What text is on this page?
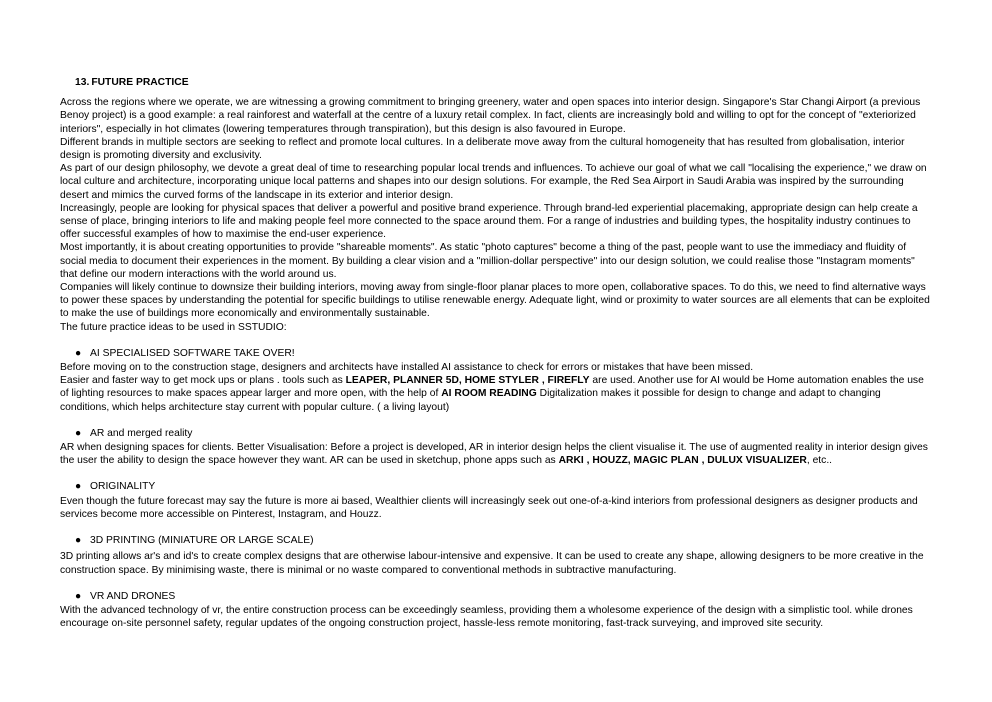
13. FUTURE PRACTICE

Across the regions where we operate, we are witnessing a growing commitment to bringing greenery, water and open spaces into interior design. Singapore's Star Changi Airport (a previous Benoy project) is a good example: a real rainforest and waterfall at the centre of a luxury retail complex. In fact, clients are increasingly bold and willing to opt for the concept of "exteriorized interiors", especially in hot climates (lowering temperatures through transpiration), but this design is also favoured in Europe.

Different brands in multiple sectors are seeking to reflect and promote local cultures. In a deliberate move away from the cultural homogeneity that has resulted from globalisation, interior design is promoting diversity and exclusivity.

As part of our design philosophy, we devote a great deal of time to researching popular local trends and influences. To achieve our goal of what we call "localising the experience," we draw on local culture and architecture, incorporating unique local patterns and shapes into our design solutions. For example, the Red Sea Airport in Saudi Arabia was inspired by the surrounding desert and mimics the curved forms of the landscape in its exterior and interior design.

Increasingly, people are looking for physical spaces that deliver a powerful and positive brand experience. Through brand-led experiential placemaking, appropriate design can help create a sense of place, bringing interiors to life and making people feel more connected to the space around them. For a range of industries and building types, the hospitality industry continues to offer successful examples of how to maximise the end-user experience.

Most importantly, it is about creating opportunities to provide "shareable moments". As static "photo captures" become a thing of the past, people want to use the immediacy and fluidity of social media to document their experiences in the moment. By building a clear vision and a "million-dollar perspective" into our design solution, we could realise those "Instagram moments" that define our modern interactions with the world around us.

Companies will likely continue to downsize their building interiors, moving away from single-floor planar places to more open, collaborative spaces. To do this, we need to find alternative ways to power these spaces by understanding the potential for specific buildings to utilise renewable energy. Adequate light, wind or proximity to water sources are all elements that can be exploited to make the use of buildings more economically and environmentally sustainable.

The future practice ideas to be used in SSTUDIO:

● AI SPECIALISED SOFTWARE TAKE OVER!

Before moving on to the construction stage, designers and architects have installed AI assistance to check for errors or mistakes that have been missed.

Easier and faster way to get mock ups or plans . tools such as LEAPER, PLANNER 5D, HOME STYLER , FIREFLY are used. Another use for AI would be Home automation enables the use of lighting resources to make spaces appear larger and more open, with the help of AI ROOM READING Digitalization makes it possible for design to change and adapt to changing conditions, which helps architecture stay current with popular culture. ( a living layout)

● AR and merged reality

AR when designing spaces for clients. Better Visualisation: Before a project is developed, AR in interior design helps the client visualise it. The use of augmented reality in interior design gives the user the ability to design the space however they want. AR can be used in sketchup, phone apps such as ARKI , HOUZZ, MAGIC PLAN , DULUX VISUALIZER, etc..

● ORIGINALITY

Even though the future forecast may say the future is more ai based, Wealthier clients will increasingly seek out one-of-a-kind interiors from professional designers as designer products and services become more accessible on Pinterest, Instagram, and Houzz.

● 3D PRINTING (MINIATURE OR LARGE SCALE)

3D printing allows ar's and id's to create complex designs that are otherwise labour-intensive and expensive. It can be used to create any shape, allowing designers to be more creative in the construction space. By minimising waste, there is minimal or no waste compared to conventional methods in subtractive manufacturing.

● VR AND DRONES

With the advanced technology of vr, the entire construction process can be exceedingly seamless, providing them a wholesome experience of the design with a simplistic tool. while drones encourage on-site personnel safety, regular updates of the ongoing construction project, hassle-less remote monitoring, fast-track surveying, and improved site security.
